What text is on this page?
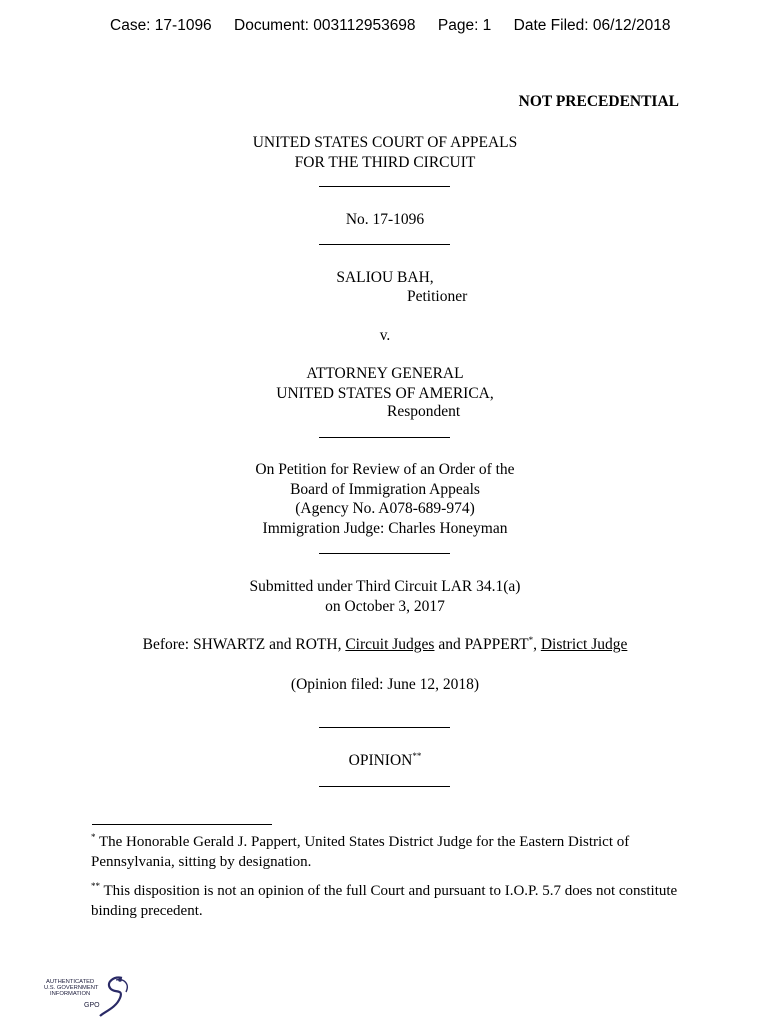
Case: 17-1096 Document: 003112953698 Page: 1 Date Filed: 06/12/2018
NOT PRECEDENTIAL
UNITED STATES COURT OF APPEALS
FOR THE THIRD CIRCUIT
No. 17-1096
SALIOU BAH,
Petitioner
v.
ATTORNEY GENERAL
UNITED STATES OF AMERICA,
Respondent
On Petition for Review of an Order of the
Board of Immigration Appeals
(Agency No. A078-689-974)
Immigration Judge: Charles Honeyman
Submitted under Third Circuit LAR 34.1(a)
on October 3, 2017
Before: SHWARTZ and ROTH, Circuit Judges and PAPPERT*, District Judge
(Opinion filed: June 12, 2018)
OPINION**
* The Honorable Gerald J. Pappert, United States District Judge for the Eastern District of Pennsylvania, sitting by designation.
** This disposition is not an opinion of the full Court and pursuant to I.O.P. 5.7 does not constitute binding precedent.
AUTHENTICATED
U.S. GOVERNMENT
INFORMATION
GPO
